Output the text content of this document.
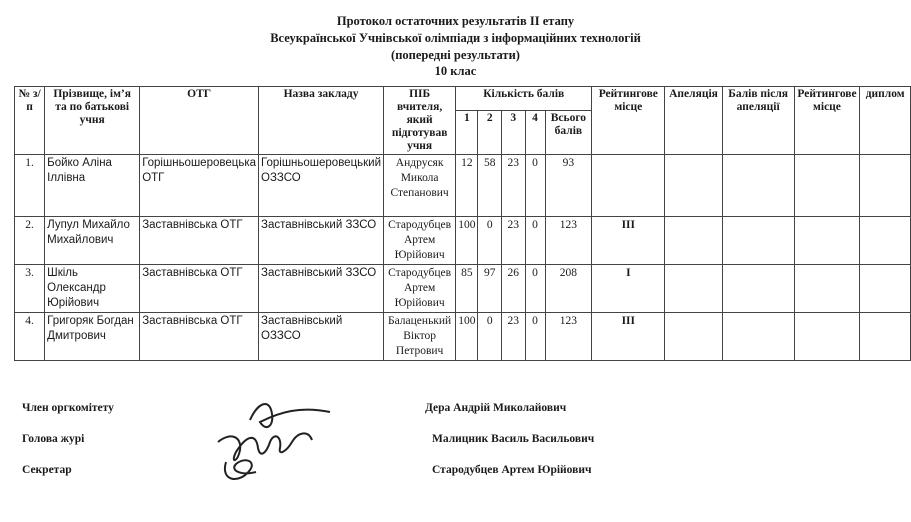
Протокол остаточних результатів ІІ етапу
Всеукраїнської Учнівської олімпіади з інформаційних технологій
(попередні результати)
10 клас
№ з/п	Прізвище, ім’я та по батькові учня	ОТГ	Назва закладу	ПІБ вчителя, який підготував учня	Кількість балів					Рейтингове місце	Апеляція	Балів після апеляції	Рейтингове місце	диплом
					1	2	3	4	Всього балів					
1.	Бойко Аліна Іллівна	Горішньошеровецька ОТГ	Горішньошеровецький ОЗЗСО	Андрусяк Микола Степанович	12	58	23	0	93					
2.	Лупул Михайло Михайлович	Заставнівська ОТГ	Заставнівський ЗЗСО	Стародубцев Артем Юрійович	100	0	23	0	123	ІІІ				
3.	Шкіль Олександр Юрійович	Заставнівська ОТГ	Заставнівський ЗЗСО	Стародубцев Артем Юрійович	85	97	26	0	208	І				
4.	Григоряк Богдан Дмитрович	Заставнівська ОТГ	Заставнівський ОЗЗСО	Балаценький Віктор Петрович	100	0	23	0	123	ІІІ				
Член оргкомітету
Голова журі
Секретар
Дера Андрій Миколайович
Малицник Василь Васильович
Стародубцев Артем Юрійович
